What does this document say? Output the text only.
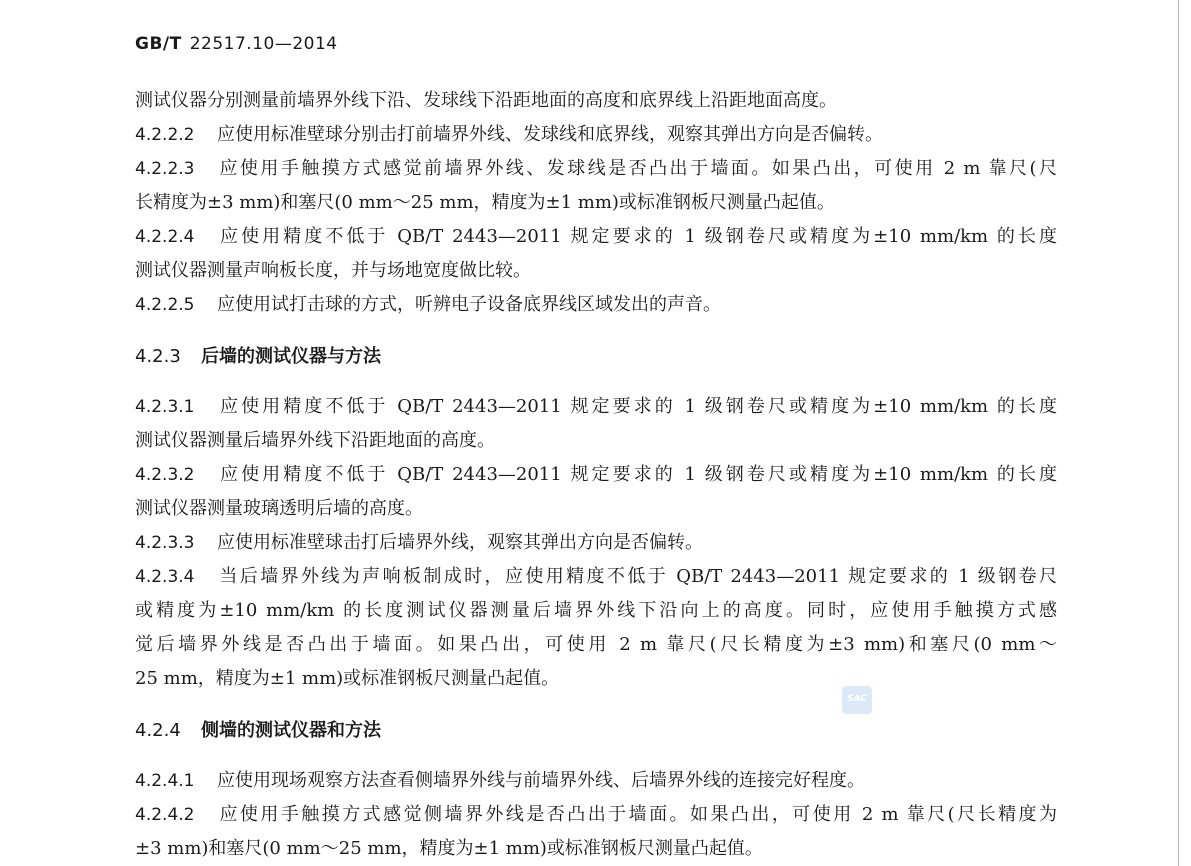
GB/T 22517.10—2014
测试仪器分别测量前墙界外线下沿、发球线下沿距地面的高度和底界线上沿距地面高度。
4.2.2.2 应使用标准壁球分别击打前墙界外线、发球线和底界线，观察其弹出方向是否偏转。
4.2.2.3 应使用手触摸方式感觉前墙界外线、发球线是否凸出于墙面。如果凸出，可使用 2 m 靠尺(尺
长精度为±3 mm)和塞尺(0 mm～25 mm，精度为±1 mm)或标准钢板尺测量凸起值。
4.2.2.4 应使用精度不低于 QB/T 2443—2011 规定要求的 1 级钢卷尺或精度为±10 mm/km 的长度
测试仪器测量声响板长度，并与场地宽度做比较。
4.2.2.5 应使用试打击球的方式，听辨电子设备底界线区域发出的声音。
4.2.3 后墙的测试仪器与方法
4.2.3.1 应使用精度不低于 QB/T 2443—2011 规定要求的 1 级钢卷尺或精度为±10 mm/km 的长度
测试仪器测量后墙界外线下沿距地面的高度。
4.2.3.2 应使用精度不低于 QB/T 2443—2011 规定要求的 1 级钢卷尺或精度为±10 mm/km 的长度
测试仪器测量玻璃透明后墙的高度。
4.2.3.3 应使用标准壁球击打后墙界外线，观察其弹出方向是否偏转。
4.2.3.4 当后墙界外线为声响板制成时，应使用精度不低于 QB/T 2443—2011 规定要求的 1 级钢卷尺
或精度为±10 mm/km 的长度测试仪器测量后墙界外线下沿向上的高度。同时，应使用手触摸方式感
觉后墙界外线是否凸出于墙面。如果凸出，可使用 2 m 靠尺(尺长精度为±3 mm)和塞尺(0 mm～
25 mm，精度为±1 mm)或标准钢板尺测量凸起值。
4.2.4 侧墙的测试仪器和方法
4.2.4.1 应使用现场观察方法查看侧墙界外线与前墙界外线、后墙界外线的连接完好程度。
4.2.4.2 应使用手触摸方式感觉侧墙界外线是否凸出于墙面。如果凸出，可使用 2 m 靠尺(尺长精度为
±3 mm)和塞尺(0 mm～25 mm，精度为±1 mm)或标准钢板尺测量凸起值。
SAC
